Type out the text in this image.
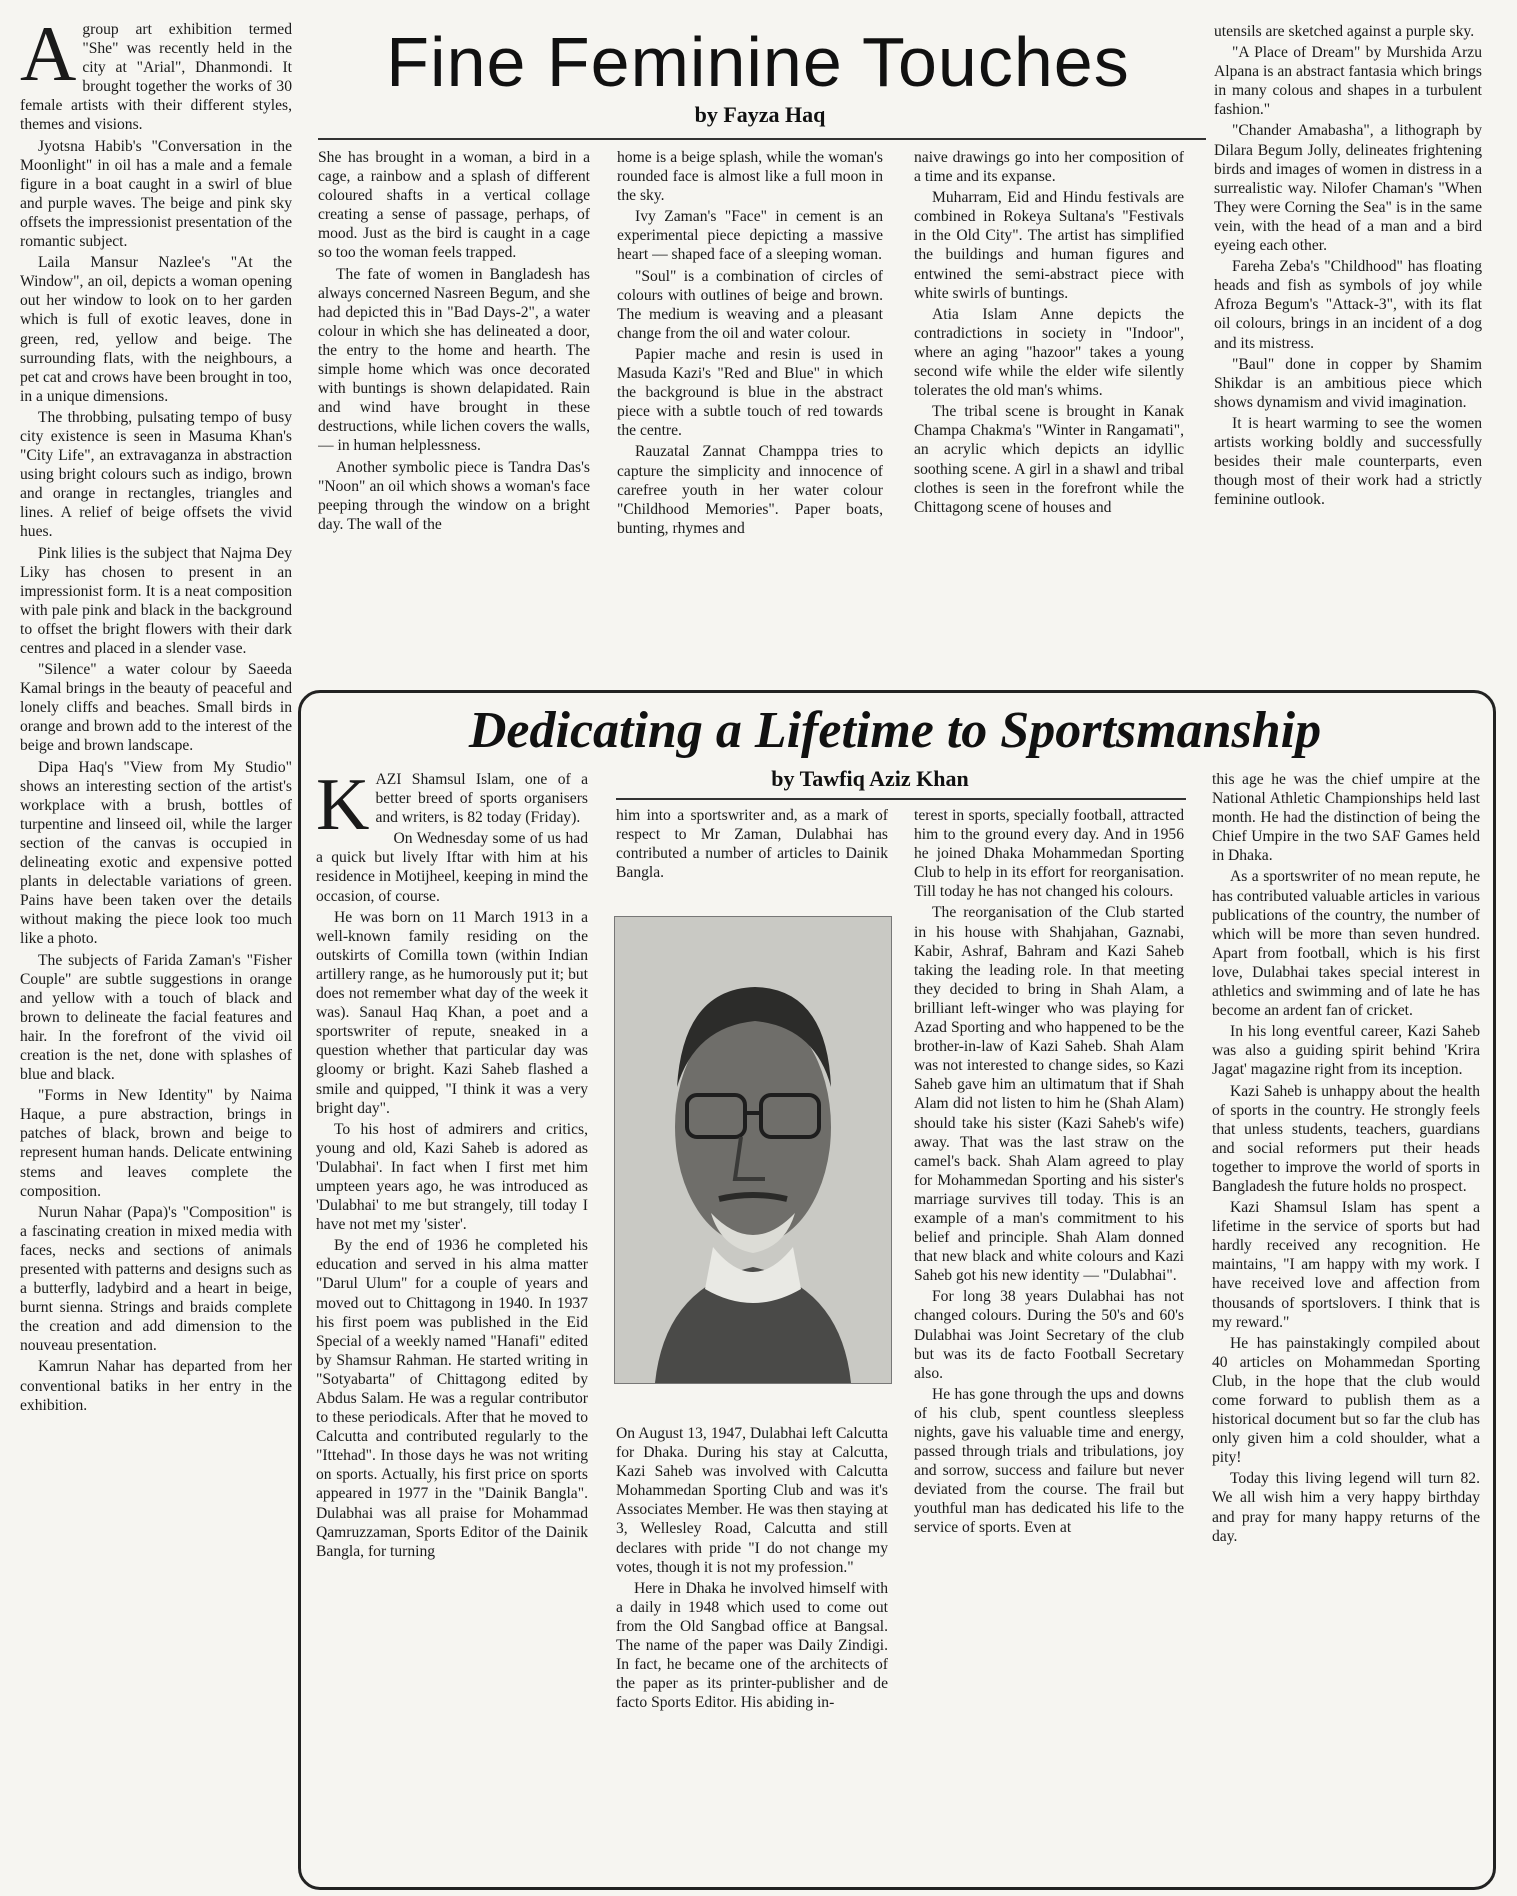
Fine Feminine Touches
by Fayza Haq
A group art exhibition termed "She" was recently held in the city at "Arial", Dhanmondi. It brought together the works of 30 female artists with their different styles, themes and visions.

Jyotsna Habib's "Conversation in the Moonlight" in oil has a male and a female figure in a boat caught in a swirl of blue and purple waves. The beige and pink sky offsets the impressionist presentation of the romantic subject.

Laila Mansur Nazlee's "At the Window", an oil, depicts a woman opening out her window to look on to her garden which is full of exotic leaves, done in green, red, yellow and beige. The surrounding flats, with the neighbours, a pet cat and crows have been brought in too, in a unique dimensions.

The throbbing, pulsating tempo of busy city existence is seen in Masuma Khan's "City Life", an extravaganza in abstraction using bright colours such as indigo, brown and orange in rectangles, triangles and lines. A relief of beige offsets the vivid hues.

Pink lilies is the subject that Najma Dey Liky has chosen to present in an impressionist form. It is a neat composition with pale pink and black in the background to offset the bright flowers with their dark centres and placed in a slender vase.

"Silence" a water colour by Saeeda Kamal brings in the beauty of peaceful and lonely cliffs and beaches. Small birds in orange and brown add to the interest of the beige and brown landscape.

Dipa Haq's "View from My Studio" shows an interesting section of the artist's workplace with a brush, bottles of turpentine and linseed oil, while the larger section of the canvas is occupied in delineating exotic and expensive potted plants in delectable variations of green. Pains have been taken over the details without making the piece look too much like a photo.

The subjects of Farida Zaman's "Fisher Couple" are subtle suggestions in orange and yellow with a touch of black and brown to delineate the facial features and hair. In the forefront of the vivid oil creation is the net, done with splashes of blue and black.

"Forms in New Identity" by Naima Haque, a pure abstraction, brings in patches of black, brown and beige to represent human hands. Delicate entwining stems and leaves complete the composition.

Nurun Nahar (Papa)'s "Composition" is a fascinating creation in mixed media with faces, necks and sections of animals presented with patterns and designs such as a butterfly, ladybird and a heart in beige, burnt sienna. Strings and braids complete the creation and add dimension to the nouveau presentation.

Kamrun Nahar has departed from her conventional batiks in her entry in the exhibition.

She has brought in a woman, a bird in a cage, a rainbow and a splash of different coloured shafts in a vertical collage creating a sense of passage, perhaps, of mood. Just as the bird is caught in a cage so too the woman feels trapped.

The fate of women in Bangladesh has always concerned Nasreen Begum, and she had depicted this in "Bad Days-2", a water colour in which she has delineated a door, the entry to the home and hearth. The simple home which was once decorated with buntings is shown delapidated. Rain and wind have brought in these destructions, while lichen covers the walls, — in human helplessness.

Another symbolic piece is Tandra Das's "Noon" an oil which shows a woman's face peeping through the window on a bright day. The wall of the

home is a beige splash, while the woman's rounded face is almost like a full moon in the sky.

Ivy Zaman's "Face" in cement is an experimental piece depicting a massive heart — shaped face of a sleeping woman.

"Soul" is a combination of circles of colours with outlines of beige and brown. The medium is weaving and a pleasant change from the oil and water colour.

Papier mache and resin is used in Masuda Kazi's "Red and Blue" in which the background is blue in the abstract piece with a subtle touch of red towards the centre.

Rauzatal Zannat Champpa tries to capture the simplicity and innocence of carefree youth in her water colour "Childhood Memories". Paper boats, bunting, rhymes and

naive drawings go into her composition of a time and its expanse.

Muharram, Eid and Hindu festivals are combined in Rokeya Sultana's "Festivals in the Old City". The artist has simplified the buildings and human figures and entwined the semi-abstract piece with white swirls of buntings.

Atia Islam Anne depicts the contradictions in society in "Indoor", where an aging "hazoor" takes a young second wife while the elder wife silently tolerates the old man's whims.

The tribal scene is brought in Kanak Champa Chakma's "Winter in Rangamati", an acrylic which depicts an idyllic soothing scene. A girl in a shawl and tribal clothes is seen in the forefront while the Chittagong scene of houses and

utensils are sketched against a purple sky.

"A Place of Dream" by Murshida Arzu Alpana is an abstract fantasia which brings in many colous and shapes in a turbulent fashion."

"Chander Amabasha", a lithograph by Dilara Begum Jolly, delineates frightening birds and images of women in distress in a surrealistic way. Nilofer Chaman's "When They were Corning the Sea" is in the same vein, with the head of a man and a bird eyeing each other.

Fareha Zeba's "Childhood" has floating heads and fish as symbols of joy while Afroza Begum's "Attack-3", with its flat oil colours, brings in an incident of a dog and its mistress.

"Baul" done in copper by Shamim Shikdar is an ambitious piece which shows dynamism and vivid imagination.

It is heart warming to see the women artists working boldly and successfully besides their male counterparts, even though most of their work had a strictly feminine outlook.

Dedicating a Lifetime to Sportsmanship
by Tawfiq Aziz Khan
K AZI Shamsul Islam, one of a better breed of sports organisers and writers, is 82 today (Friday).

On Wednesday some of us had a quick but lively Iftar with him at his residence in Motijheel, keeping in mind the occasion, of course.

He was born on 11 March 1913 in a well-known family residing on the outskirts of Comilla town (within Indian artillery range, as he humorously put it; but does not remember what day of the week it was). Sanaul Haq Khan, a poet and a sportswriter of repute, sneaked in a question whether that particular day was gloomy or bright. Kazi Saheb flashed a smile and quipped, "I think it was a very bright day".

To his host of admirers and critics, young and old, Kazi Saheb is adored as 'Dulabhai'. In fact when I first met him umpteen years ago, he was introduced as 'Dulabhai' to me but strangely, till today I have not met my 'sister'.

By the end of 1936 he completed his education and served in his alma matter "Darul Ulum" for a couple of years and moved out to Chittagong in 1940. In 1937 his first poem was published in the Eid Special of a weekly named "Hanafi" edited by Shamsur Rahman. He started writing in "Sotyabarta" of Chittagong edited by Abdus Salam. He was a regular contributor to these periodicals. After that he moved to Calcutta and contributed regularly to the "Ittehad". In those days he was not writing on sports. Actually, his first price on sports appeared in 1977 in the "Dainik Bangla". Dulabhai was all praise for Mohammad Qamruzzaman, Sports Editor of the Dainik Bangla, for turning

him into a sportswriter and, as a mark of respect to Mr Zaman, Dulabhai has contributed a number of articles to Dainik Bangla.

On August 13, 1947, Dulabhai left Calcutta for Dhaka. During his stay at Calcutta, Kazi Saheb was involved with Calcutta Mohammedan Sporting Club and was it's Associates Member. He was then staying at 3, Wellesley Road, Calcutta and still declares with pride "I do not change my votes, though it is not my profession."

Here in Dhaka he involved himself with a daily in 1948 which used to come out from the Old Sangbad office at Bangsal. The name of the paper was Daily Zindigi. In fact, he became one of the architects of the paper as its printer-publisher and de facto Sports Editor. His abiding in-

terest in sports, specially football, attracted him to the ground every day. And in 1956 he joined Dhaka Mohammedan Sporting Club to help in its effort for reorganisation. Till today he has not changed his colours.

The reorganisation of the Club started in his house with Shahjahan, Gaznabi, Kabir, Ashraf, Bahram and Kazi Saheb taking the leading role. In that meeting they decided to bring in Shah Alam, a brilliant left-winger who was playing for Azad Sporting and who happened to be the brother-in-law of Kazi Saheb. Shah Alam was not interested to change sides, so Kazi Saheb gave him an ultimatum that if Shah Alam did not listen to him he (Shah Alam) should take his sister (Kazi Saheb's wife) away. That was the last straw on the camel's back. Shah Alam agreed to play for Mohammedan Sporting and his sister's marriage survives till today. This is an example of a man's commitment to his belief and principle. Shah Alam donned that new black and white colours and Kazi Saheb got his new identity — "Dulabhai".

For long 38 years Dulabhai has not changed colours. During the 50's and 60's Dulabhai was Joint Secretary of the club but was its de facto Football Secretary also.

He has gone through the ups and downs of his club, spent countless sleepless nights, gave his valuable time and energy, passed through trials and tribulations, joy and sorrow, success and failure but never deviated from the course. The frail but youthful man has dedicated his life to the service of sports. Even at

this age he was the chief umpire at the National Athletic Championships held last month. He had the distinction of being the Chief Umpire in the two SAF Games held in Dhaka.

As a sportswriter of no mean repute, he has contributed valuable articles in various publications of the country, the number of which will be more than seven hundred. Apart from football, which is his first love, Dulabhai takes special interest in athletics and swimming and of late he has become an ardent fan of cricket.

In his long eventful career, Kazi Saheb was also a guiding spirit behind 'Krira Jagat' magazine right from its inception.

Kazi Saheb is unhappy about the health of sports in the country. He strongly feels that unless students, teachers, guardians and social reformers put their heads together to improve the world of sports in Bangladesh the future holds no prospect.

Kazi Shamsul Islam has spent a lifetime in the service of sports but had hardly received any recognition. He maintains, "I am happy with my work. I have received love and affection from thousands of sportslovers. I think that is my reward."

He has painstakingly compiled about 40 articles on Mohammedan Sporting Club, in the hope that the club would come forward to publish them as a historical document but so far the club has only given him a cold shoulder, what a pity!

Today this living legend will turn 82. We all wish him a very happy birthday and pray for many happy returns of the day.
